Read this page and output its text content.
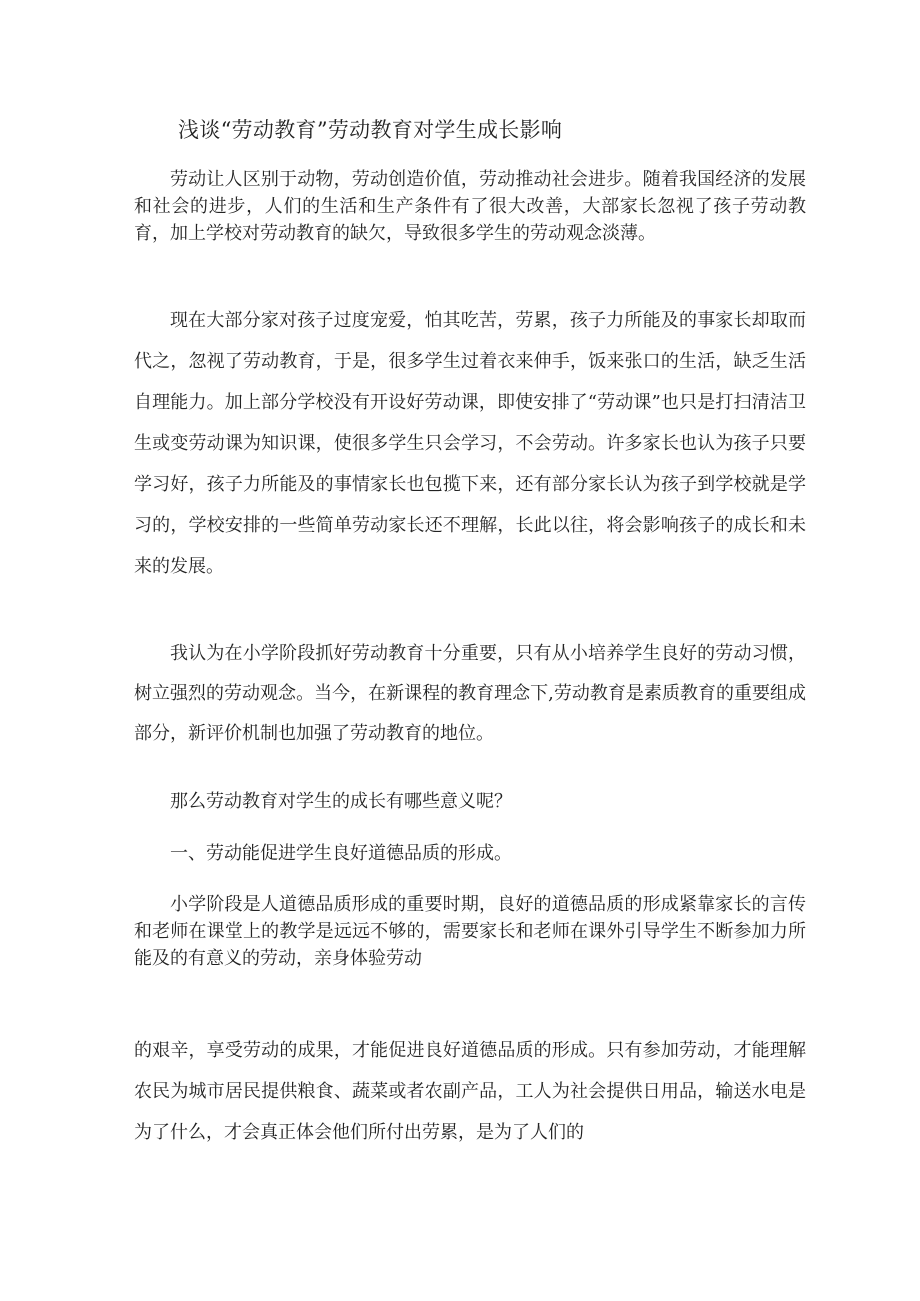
浅谈“劳动教育”劳动教育对学生成长影响

劳动让人区别于动物，劳动创造价值，劳动推动社会进步。随着我国经济的发展和社会的进步，人们的生活和生产条件有了很大改善，大部家长忽视了孩子劳动教育，加上学校对劳动教育的缺欠，导致很多学生的劳动观念淡薄。

现在大部分家对孩子过度宠爱，怕其吃苦，劳累，孩子力所能及的事家长却取而代之，忽视了劳动教育，于是，很多学生过着衣来伸手，饭来张口的生活，缺乏生活自理能力。加上部分学校没有开设好劳动课，即使安排了“劳动课”也只是打扫清洁卫生或变劳动课为知识课，使很多学生只会学习，不会劳动。许多家长也认为孩子只要学习好，孩子力所能及的事情家长也包揽下来，还有部分家长认为孩子到学校就是学习的，学校安排的一些简单劳动家长还不理解，长此以往，将会影响孩子的成长和未来的发展。

我认为在小学阶段抓好劳动教育十分重要，只有从小培养学生良好的劳动习惯，树立强烈的劳动观念。当今，在新课程的教育理念下,劳动教育是素质教育的重要组成部分，新评价机制也加强了劳动教育的地位。

那么劳动教育对学生的成长有哪些意义呢？

一、劳动能促进学生良好道德品质的形成。

小学阶段是人道德品质形成的重要时期，良好的道德品质的形成紧靠家长的言传和老师在课堂上的教学是远远不够的，需要家长和老师在课外引导学生不断参加力所能及的有意义的劳动，亲身体验劳动

的艰辛，享受劳动的成果，才能促进良好道德品质的形成。只有参加劳动，才能理解农民为城市居民提供粮食、蔬菜或者农副产品，工人为社会提供日用品，输送水电是为了什么，才会真正体会他们所付出劳累，是为了人们的
